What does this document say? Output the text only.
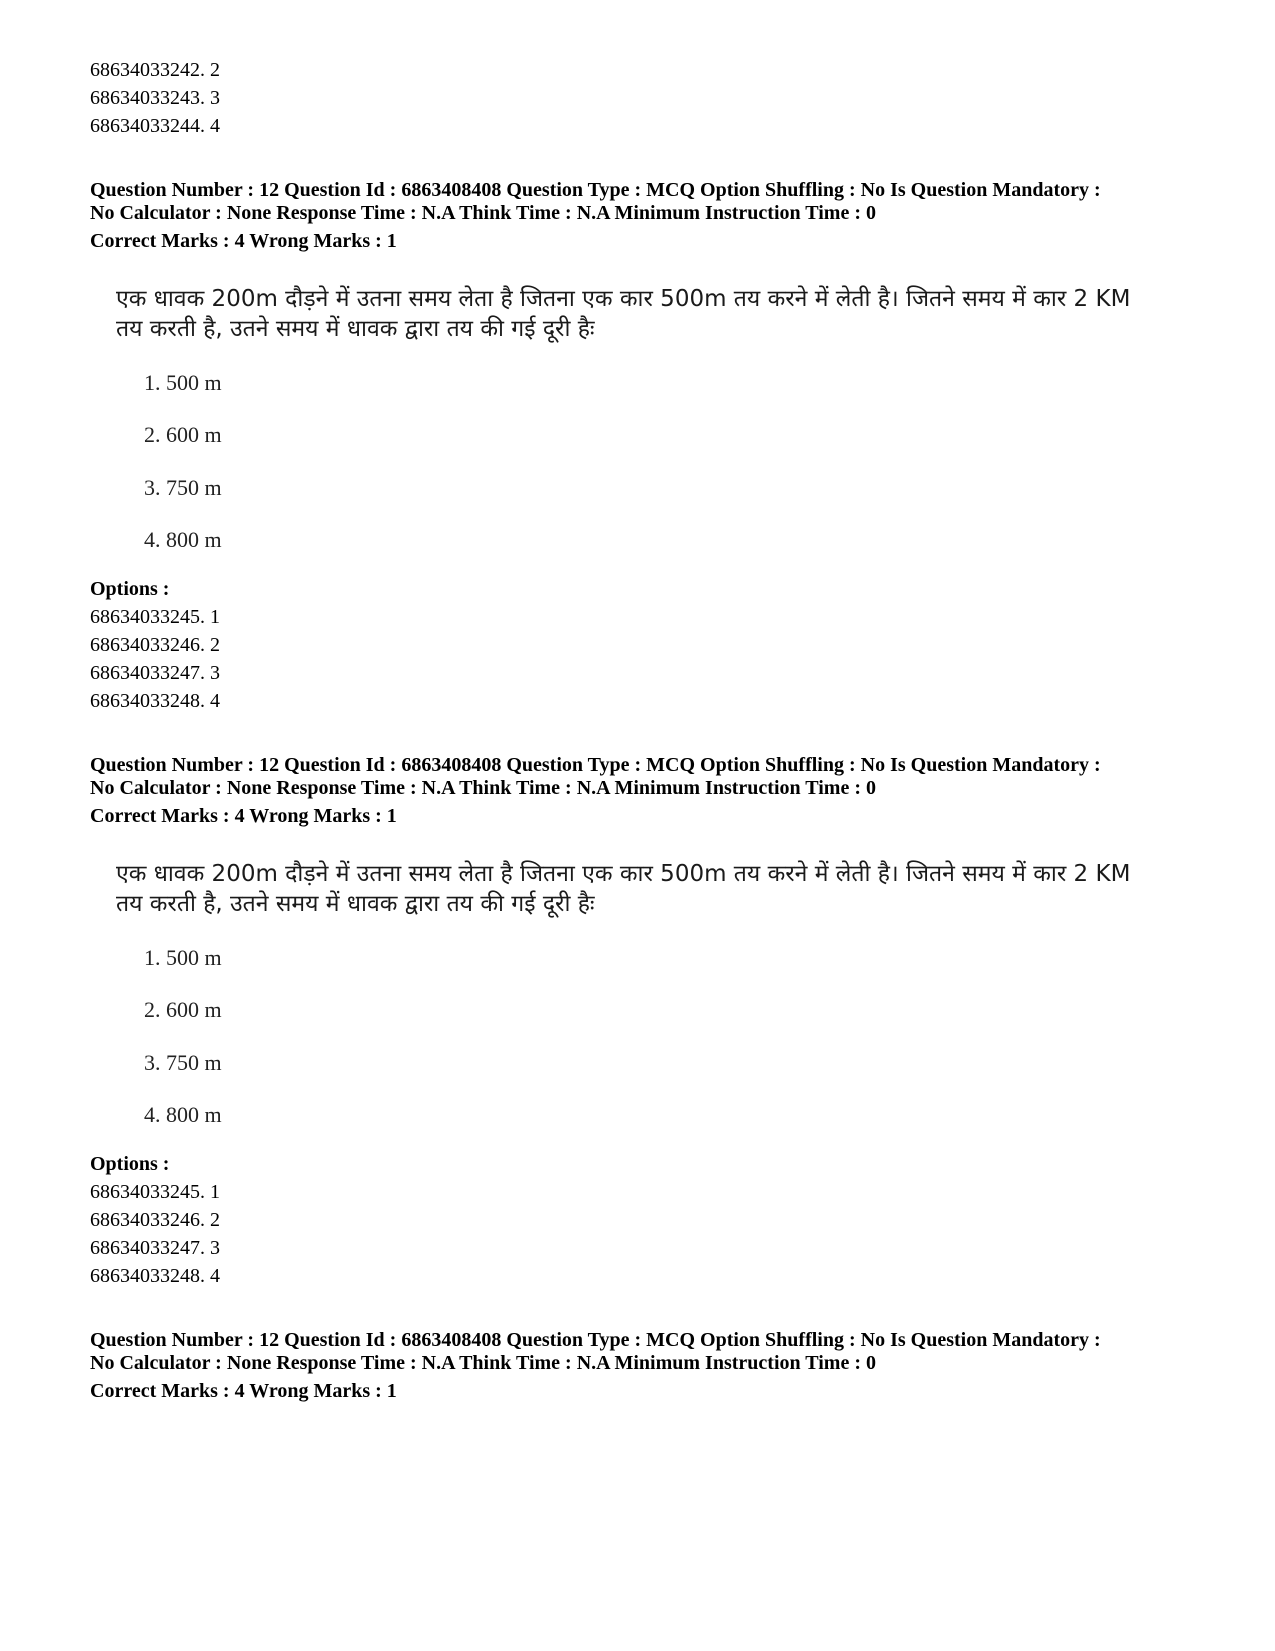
68634033242. 2
68634033243. 3
68634033244. 4
Question Number : 12 Question Id : 6863408408 Question Type : MCQ Option Shuffling : No Is Question Mandatory :
No Calculator : None Response Time : N.A Think Time : N.A Minimum Instruction Time : 0
Correct Marks : 4 Wrong Marks : 1
एक धावक 200m दौड़ने में उतना समय लेता है जितना एक कार 500m तय करने में लेती है। जितने समय में कार 2 KM
तय करती है, उतने समय में धावक द्वारा तय की गई दूरी हैः
1. 500 m
2. 600 m
3. 750 m
4. 800 m
Options :
68634033245. 1
68634033246. 2
68634033247. 3
68634033248. 4
Question Number : 12 Question Id : 6863408408 Question Type : MCQ Option Shuffling : No Is Question Mandatory :
No Calculator : None Response Time : N.A Think Time : N.A Minimum Instruction Time : 0
Correct Marks : 4 Wrong Marks : 1
एक धावक 200m दौड़ने में उतना समय लेता है जितना एक कार 500m तय करने में लेती है। जितने समय में कार 2 KM
तय करती है, उतने समय में धावक द्वारा तय की गई दूरी हैः
1. 500 m
2. 600 m
3. 750 m
4. 800 m
Options :
68634033245. 1
68634033246. 2
68634033247. 3
68634033248. 4
Question Number : 12 Question Id : 6863408408 Question Type : MCQ Option Shuffling : No Is Question Mandatory :
No Calculator : None Response Time : N.A Think Time : N.A Minimum Instruction Time : 0
Correct Marks : 4 Wrong Marks : 1
